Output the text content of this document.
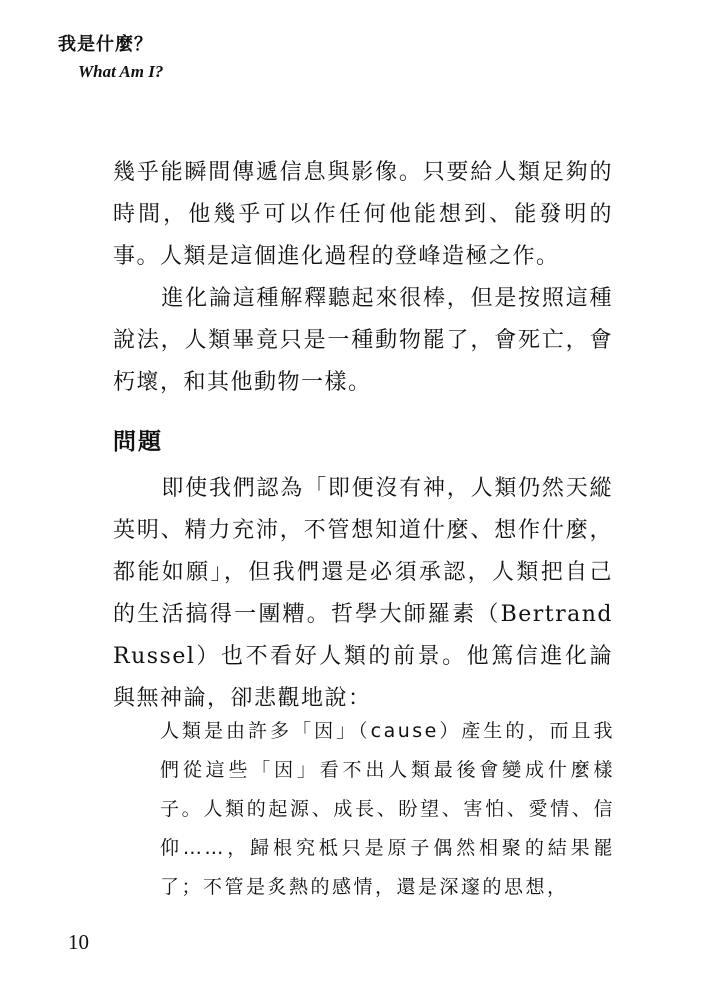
我是什麼？
What Am I?

幾乎能瞬間傳遞信息與影像。只要給人類足夠的時間，他幾乎可以作任何他能想到、能發明的事。人類是這個進化過程的登峰造極之作。

進化論這種解釋聽起來很棒，但是按照這種說法，人類畢竟只是一種動物罷了，會死亡，會朽壞，和其他動物一樣。

問題

即使我們認為「即便沒有神，人類仍然天縱英明、精力充沛，不管想知道什麼、想作什麼，都能如願」，但我們還是必須承認，人類把自己的生活搞得一團糟。哲學大師羅素（Bertrand Russel）也不看好人類的前景。他篤信進化論與無神論，卻悲觀地說：

人類是由許多「因」（cause）產生的，而且我們從這些「因」看不出人類最後會變成什麼樣子。人類的起源、成長、盼望、害怕、愛情、信仰……，歸根究柢只是原子偶然相聚的結果罷了；不管是炙熱的感情，還是深邃的思想，
10
